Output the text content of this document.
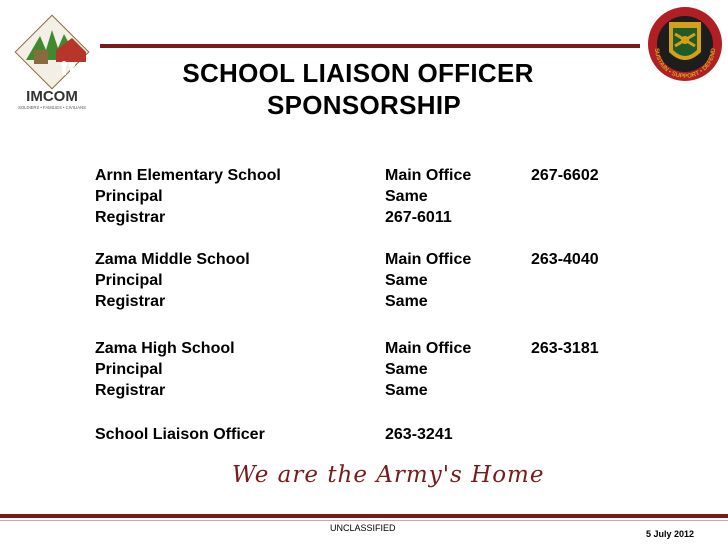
IMCOM
SOLDIERS • FAMILIES • CIVILIANS
SUSTAIN • SUPPORT • DEFEND
SCHOOL LIAISON OFFICER
SPONSORSHIP
Arnn Elementary School	Main Office	267-6602
Principal	Same
Registrar	267-6011
Zama Middle School	Main Office	263-4040
Principal	Same
Registrar	Same
Zama High School	Main Office	263-3181
Principal	Same
Registrar	Same
School Liaison Officer	263-3241
We are the Army's Home
UNCLASSIFIED
5 July 2012
